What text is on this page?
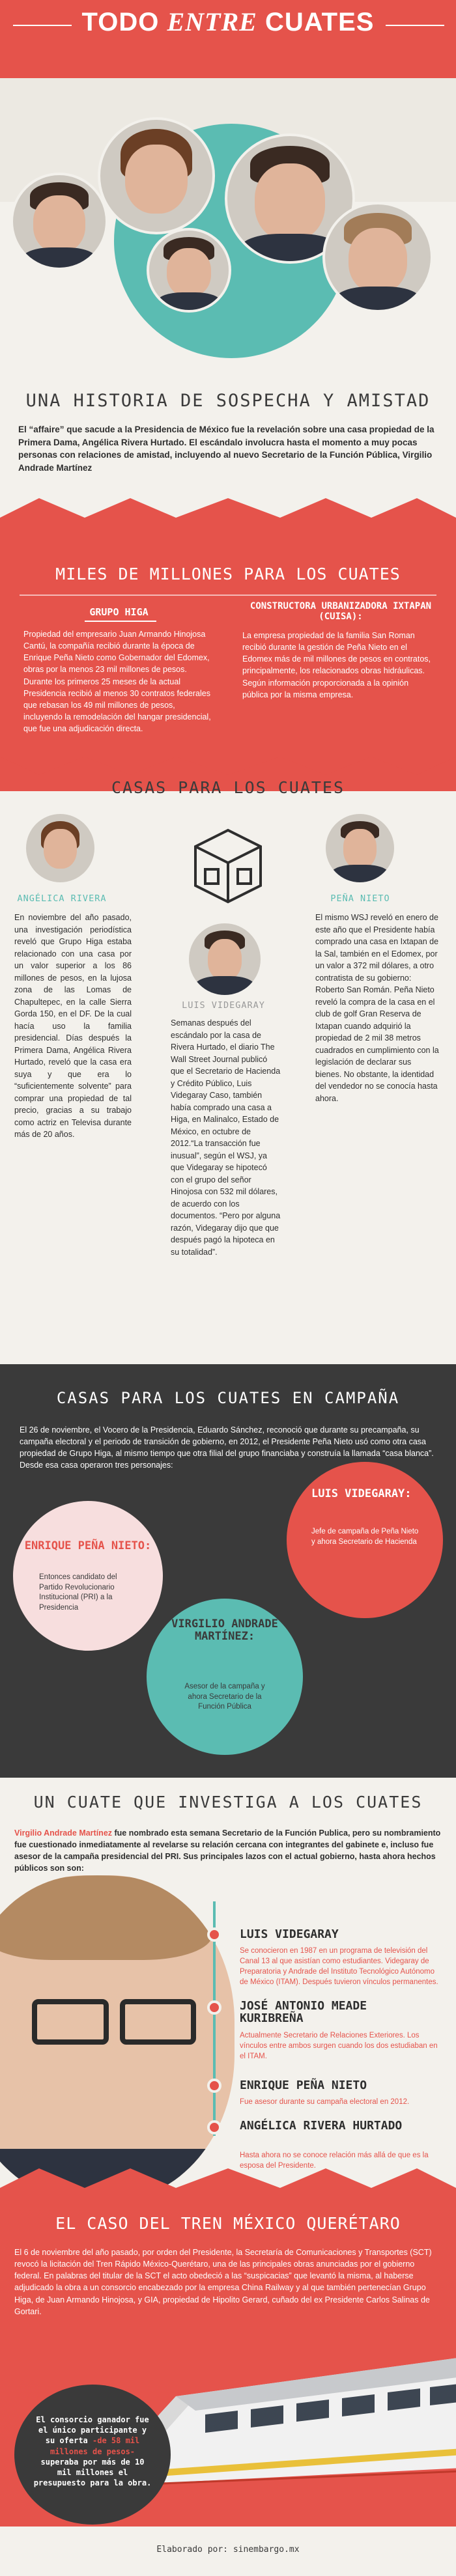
TODO ENTRE CUATES
UNA HISTORIA DE SOSPECHA Y AMISTAD

El “affaire” que sacude a la Presidencia de México fue la revelación sobre una casa propiedad de la Primera Dama, Angélica Rivera Hurtado. El escándalo involucra hasta el momento a muy pocas personas con relaciones de amistad, incluyendo al nuevo Secretario de la Función Pública, Virgilio Andrade Martínez

MILES DE MILLONES PARA LOS CUATES
GRUPO HIGA
Propiedad del empresario Juan Armando Hinojosa Cantú, la compañía recibió durante la época de Enrique Peña Nieto como Gobernador del Edomex, obras por la menos 23 mil millones de pesos. Durante los primeros 25 meses de la actual Presidencia recibió al menos 30 contratos federales que rebasan los 49 mil millones de pesos, incluyendo la remodelación del hangar presidencial, que fue una adjudicación directa.
CONSTRUCTORA URBANIZADORA IXTAPAN (CUISA):
La empresa propiedad de la familia San Roman recibió durante la gestión de Peña Nieto en el Edomex más de mil millones de pesos en contratos, principalmente, los relacionados obras hidráulicas. Según información proporcionada a la opinión pública por la misma empresa.
CASAS PARA LOS CUATES
ANGÉLICA RIVERA

En noviembre del año pasado, una investigación periodística reveló que Grupo Higa estaba relacionado con una casa por un valor superior a los 86 millones de pesos, en la lujosa zona de las Lomas de Chapultepec, en la calle Sierra Gorda 150, en el DF. De la cual hacía uso la familia presidencial. Días después la Primera Dama, Angélica Rivera Hurtado, reveló que la casa era suya y que era lo “suficientemente solvente” para comprar una propiedad de tal precio, gracias a su trabajo como actriz en Televisa durante más de 20 años.

LUIS VIDEGARAY

Semanas después del escándalo por la casa de Rivera Hurtado, el diario The Wall Street Journal publicó que el Secretario de Hacienda y Crédito Público, Luis Videgaray Caso, también había comprado una casa a Higa, en Malinalco, Estado de México, en octubre de 2012.“La transacción fue inusual”, según el WSJ, ya que Videgaray se hipotecó con el grupo del señor Hinojosa con 532 mil dólares, de acuerdo con los documentos. “Pero por alguna razón, Videgaray dijo que que después pagó la hipoteca en su totalidad”.

PEÑA NIETO

El mismo WSJ reveló en enero de este año que el Presidente había comprado una casa en Ixtapan de la Sal, también en el Edomex, por un valor a 372 mil dólares, a otro contratista de su gobierno: Roberto San Román. Peña Nieto reveló la compra de la casa en el club de golf Gran Reserva de Ixtapan cuando adquirió la propiedad de 2 mil 38 metros cuadrados en cumplimiento con la legislación de declarar sus bienes. No obstante, la identidad del vendedor no se conocía hasta ahora.

CASAS PARA LOS CUATES EN CAMPAÑA
El 26 de noviembre, el Vocero de la Presidencia, Eduardo Sánchez, reconoció que durante su precampaña, su campaña electoral y el periodo de transición de gobierno, en 2012, el Presidente Peña Nieto usó como otra casa propiedad de Grupo Higa, al mismo tiempo que otra filial del grupo financiaba y construía la llamada “casa blanca”. Desde esa casa operaron tres personajes:
ENRIQUE PEÑA NIETO:
Entonces candidato del Partido Revolucionario Institucional (PRI) a la Presidencia
LUIS VIDEGARAY:
Jefe de campaña de Peña Nieto y ahora Secretario de Hacienda
VIRGILIO ANDRADE MARTÍNEZ:
Asesor de la campaña y ahora Secretario de la Función Pública
UN CUATE QUE INVESTIGA A LOS CUATES

Virgilio Andrade Martínez fue nombrado esta semana Secretario de la Función Publica, pero su nombramiento fue cuestionado inmediatamente al revelarse su relación cercana con integrantes del gabinete e, incluso fue asesor de la campaña presidencial del PRI. Sus principales lazos con el actual gobierno, hasta ahora hechos públicos son son:

LUIS VIDEGARAY
Se conocieron en 1987 en un programa de televisión del Canal 13 al que asistían como estudiantes. Videgaray de Preparatoria y Andrade del Instituto Tecnológico Autónomo de México (ITAM). Después tuvieron vínculos permanentes.
JOSÉ ANTONIO MEADE KURIBREÑA
Actualmente Secretario de Relaciones Exteriores. Los vínculos entre ambos surgen cuando los dos estudiaban en el ITAM.
ENRIQUE PEÑA NIETO
Fue asesor durante su campaña electoral en 2012.
ANGÉLICA RIVERA HURTADO
Hasta ahora no se conoce relación más allá de que es la esposa del Presidente.
EL CASO DEL TREN MÉXICO QUERÉTARO
El 6 de noviembre del año pasado, por orden del Presidente, la Secretaría de Comunicaciones y Transportes (SCT) revocó la licitación del Tren Rápido México-Querétaro, una de las principales obras anunciadas por el gobierno federal. En palabras del titular de la SCT el acto obedeció a las “suspicacias” que levantó la misma, al haberse adjudicado la obra a un consorcio encabezado por la empresa China Railway y al que también pertenecían Grupo Higa, de Juan Armando Hinojosa, y GIA, propiedad de Hipolito Gerard, cuñado del ex Presidente Carlos Salinas de Gortari.

El consorcio ganador fue el único participante y su oferta -de 58 mil millones de pesos- superaba por más de 10 mil millones el presupuesto para la obra.

Elaborado por: sinembargo.mx
